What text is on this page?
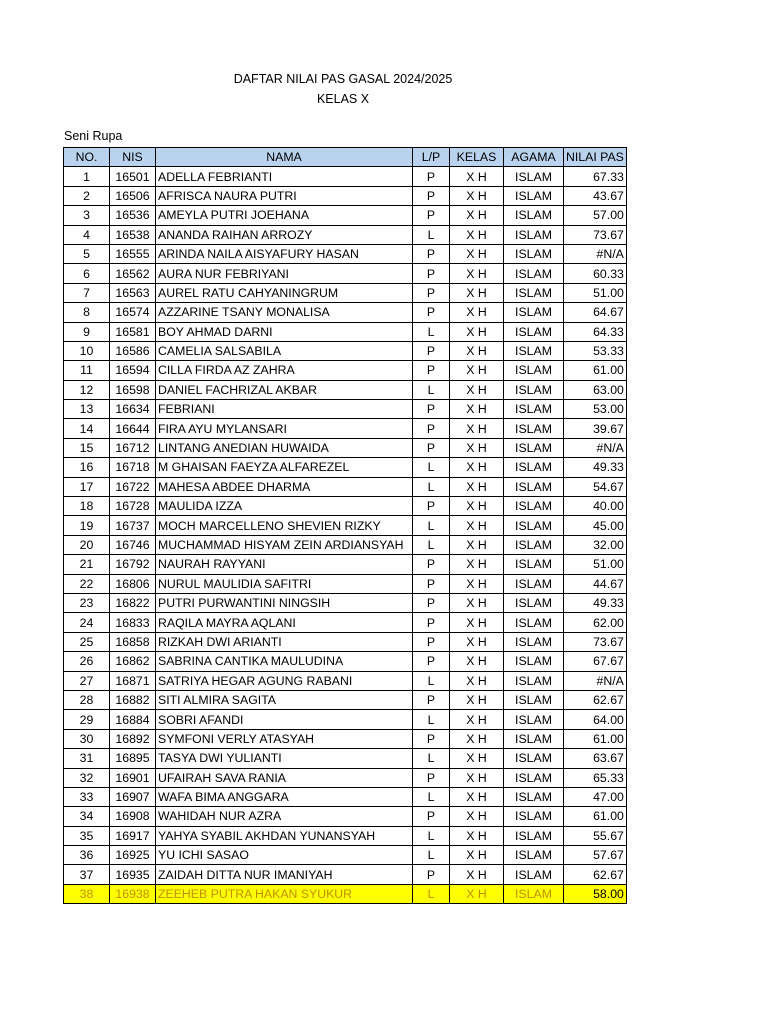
DAFTAR NILAI PAS GASAL 2024/2025
KELAS X
Seni Rupa
NO.	NIS	NAMA	L/P	KELAS	AGAMA	NILAI PAS
1	16501	ADELLA FEBRIANTI	P	X H	ISLAM	67.33
2	16506	AFRISCA NAURA PUTRI	P	X H	ISLAM	43.67
3	16536	AMEYLA PUTRI JOEHANA	P	X H	ISLAM	57.00
4	16538	ANANDA RAIHAN ARROZY	L	X H	ISLAM	73.67
5	16555	ARINDA NAILA AISYAFURY HASAN	P	X H	ISLAM	#N/A
6	16562	AURA NUR FEBRIYANI	P	X H	ISLAM	60.33
7	16563	AUREL RATU CAHYANINGRUM	P	X H	ISLAM	51.00
8	16574	AZZARINE TSANY MONALISA	P	X H	ISLAM	64.67
9	16581	BOY AHMAD DARNI	L	X H	ISLAM	64.33
10	16586	CAMELIA SALSABILA	P	X H	ISLAM	53.33
11	16594	CILLA FIRDA AZ ZAHRA	P	X H	ISLAM	61.00
12	16598	DANIEL FACHRIZAL AKBAR	L	X H	ISLAM	63.00
13	16634	FEBRIANI	P	X H	ISLAM	53.00
14	16644	FIRA AYU MYLANSARI	P	X H	ISLAM	39.67
15	16712	LINTANG ANEDIAN HUWAIDA	P	X H	ISLAM	#N/A
16	16718	M GHAISAN FAEYZA ALFAREZEL	L	X H	ISLAM	49.33
17	16722	MAHESA ABDEE DHARMA	L	X H	ISLAM	54.67
18	16728	MAULIDA IZZA	P	X H	ISLAM	40.00
19	16737	MOCH MARCELLENO SHEVIEN RIZKY	L	X H	ISLAM	45.00
20	16746	MUCHAMMAD HISYAM ZEIN ARDIANSYAH	L	X H	ISLAM	32.00
21	16792	NAURAH RAYYANI	P	X H	ISLAM	51.00
22	16806	NURUL MAULIDIA SAFITRI	P	X H	ISLAM	44.67
23	16822	PUTRI PURWANTINI NINGSIH	P	X H	ISLAM	49.33
24	16833	RAQILA MAYRA AQLANI	P	X H	ISLAM	62.00
25	16858	RIZKAH DWI ARIANTI	P	X H	ISLAM	73.67
26	16862	SABRINA CANTIKA MAULUDINA	P	X H	ISLAM	67.67
27	16871	SATRIYA HEGAR AGUNG RABANI	L	X H	ISLAM	#N/A
28	16882	SITI ALMIRA SAGITA	P	X H	ISLAM	62.67
29	16884	SOBRI AFANDI	L	X H	ISLAM	64.00
30	16892	SYMFONI VERLY ATASYAH	P	X H	ISLAM	61.00
31	16895	TASYA DWI YULIANTI	L	X H	ISLAM	63.67
32	16901	UFAIRAH SAVA RANIA	P	X H	ISLAM	65.33
33	16907	WAFA BIMA ANGGARA	L	X H	ISLAM	47.00
34	16908	WAHIDAH NUR AZRA	P	X H	ISLAM	61.00
35	16917	YAHYA SYABIL AKHDAN YUNANSYAH	L	X H	ISLAM	55.67
36	16925	YU ICHI SASAO	L	X H	ISLAM	57.67
37	16935	ZAIDAH DITTA NUR IMANIYAH	P	X H	ISLAM	62.67
38	16938	ZEEHEB PUTRA HAKAN SYUKUR	L	X H	ISLAM	58.00
